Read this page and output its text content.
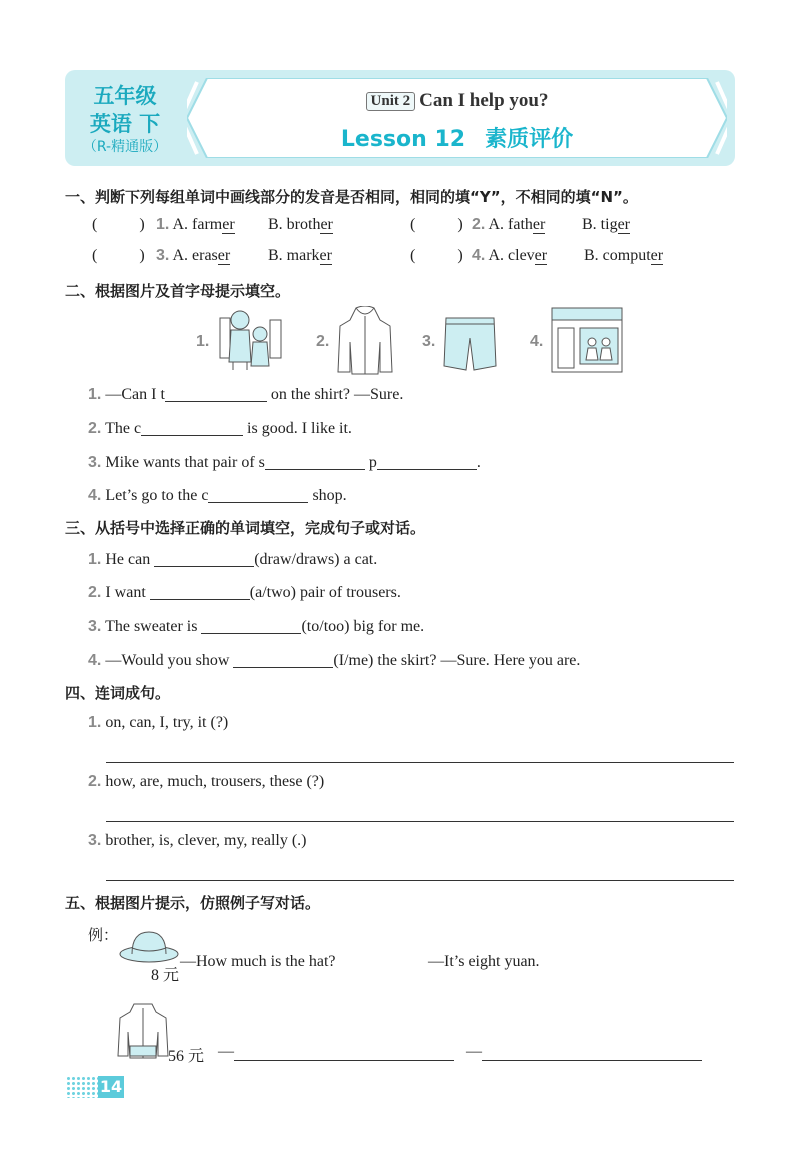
五年级
英语 下
（R-精通版）
Unit 2 Can I help you?
Lesson 12 素质评价
一、判断下列每组单词中画线部分的发音是否相同，相同的填“Y”，不相同的填“N”。
(	) 1. A. farmer B. brother	(	) 2. A. father B. tiger
(	) 3. A. eraser B. marker	(	) 4. A. clever B. computer
二、根据图片及首字母提示填空。
1.	2.	3.	4.
1. —Can I t	on the shirt? —Sure.
2. The c	is good. I like it.
3. Mike wants that pair of s	p	.
4. Let’s go to the c	shop.
三、从括号中选择正确的单词填空，完成句子或对话。
1. He can	(draw/draws) a cat.
2. I want	(a/two) pair of trousers.
3. The sweater is	(to/too) big for me.
4. —Would you show	(I/me) the skirt? —Sure. Here you are.
四、连词成句。
1. on, can, I, try, it (?)
2. how, are, much, trousers, these (?)
3. brother, is, clever, my, really (.)
五、根据图片提示，仿照例子写对话。
例：
8 元
—How much is the hat?	—It’s eight yuan.
56 元 —	—
14
